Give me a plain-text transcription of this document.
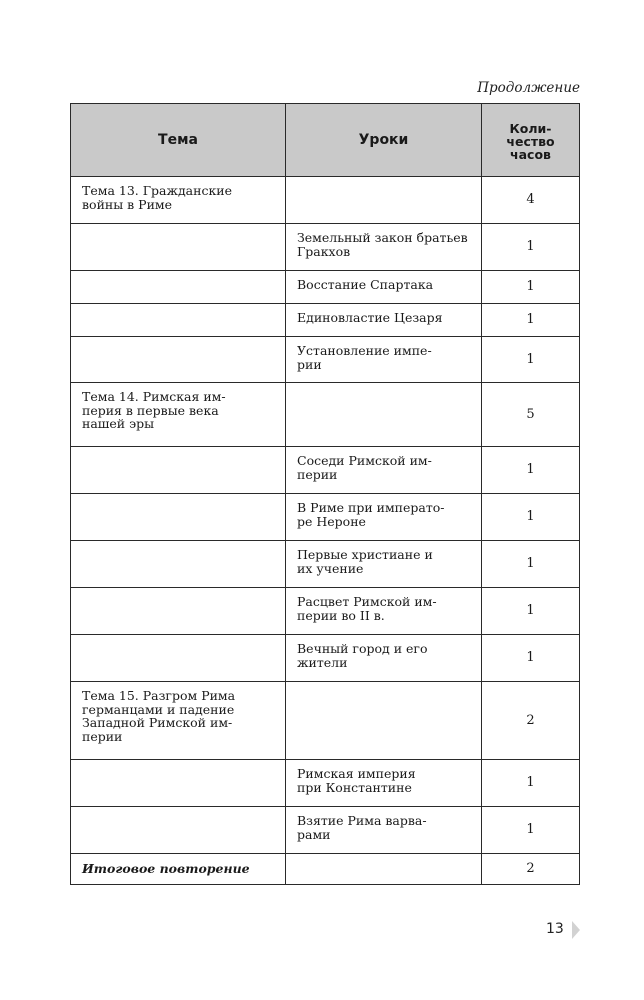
Продолжение
Тема	Уроки	Коли-
чество
часов
Тема 13. Гражданские войны в Риме		4
	Земельный закон братьев Гракхов	1
	Восстание Спартака	1
	Единовластие Цезаря	1
	Установление импе-
рии	1
Тема 14. Римская им-
перия в первые века
нашей эры		5
	Соседи Римской им-
перии	1
	В Риме при императо-
ре Нероне	1
	Первые христиане и
их учение	1
	Расцвет Римской им-
перии во II в.	1
	Вечный город и его
жители	1
Тема 15. Разгром Рима
германцами и падение
Западной Римской им-
перии		2
	Римская империя
при Константине	1
	Взятие Рима варва-
рами	1
Итоговое повторение		2
13
